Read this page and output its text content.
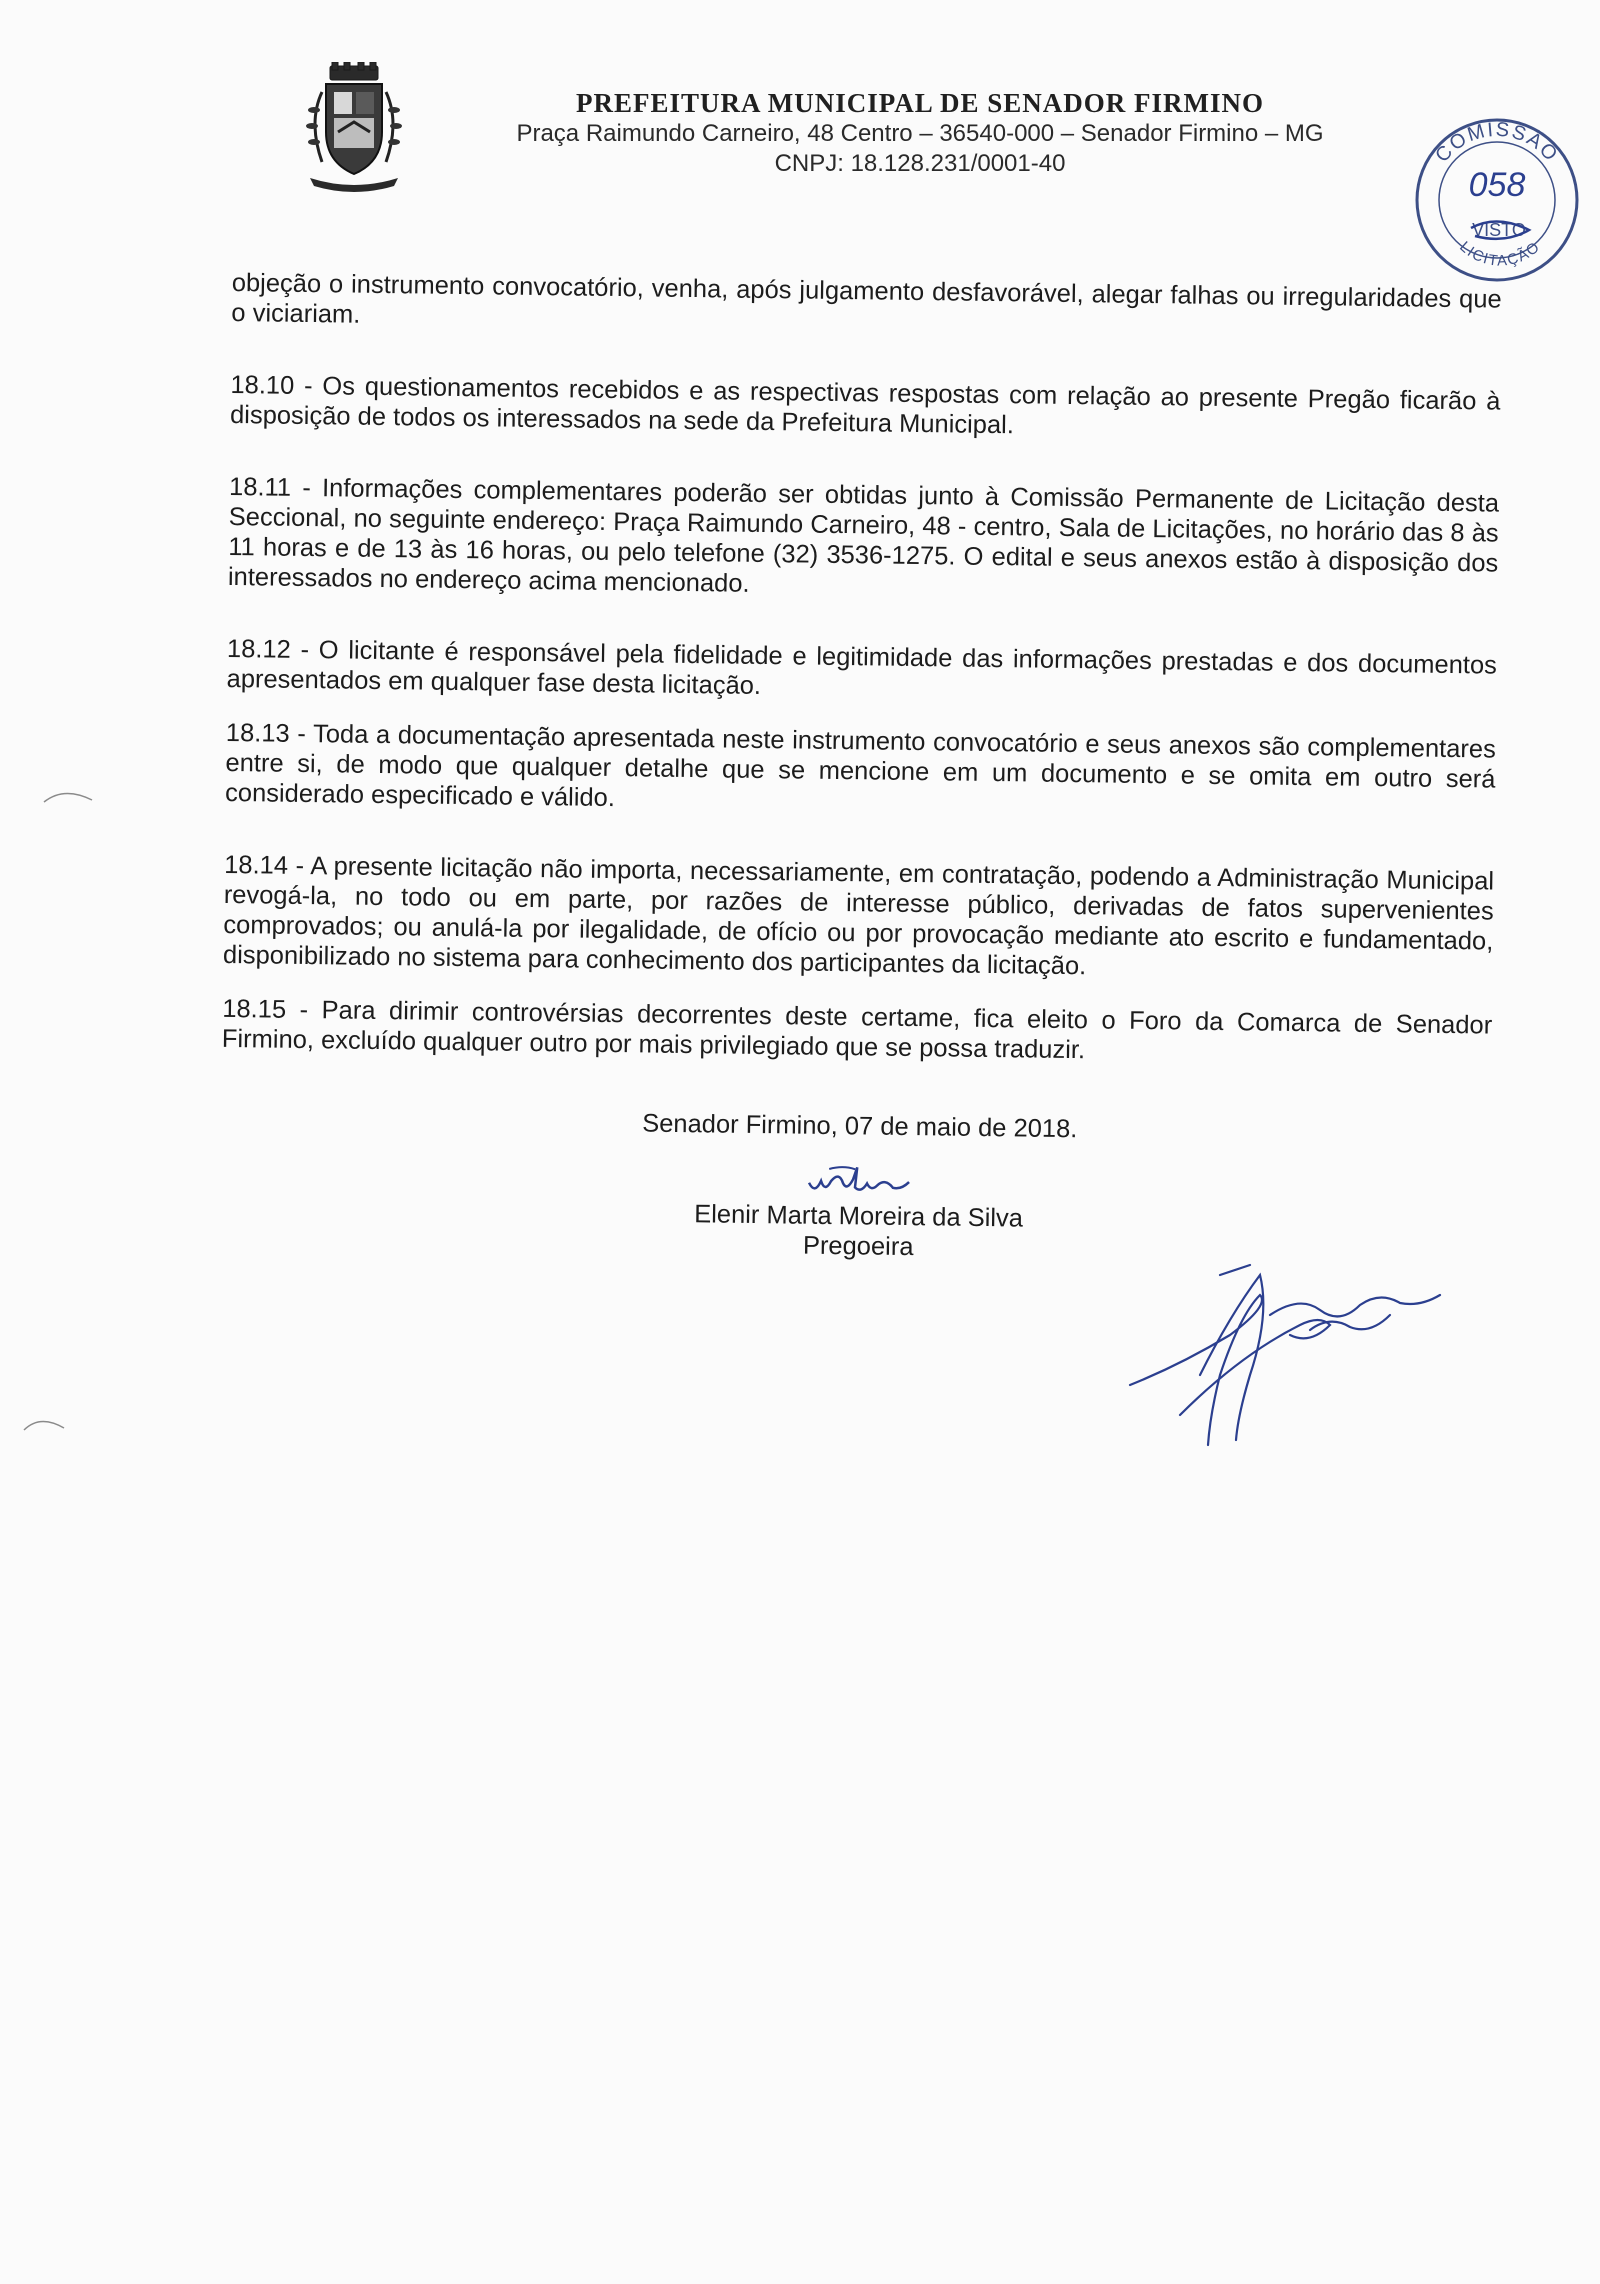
PREFEITURA MUNICIPAL DE SENADOR FIRMINO

Praça Raimundo Carneiro, 48 Centro – 36540-000 – Senador Firmino – MG

CNPJ: 18.128.231/0001-40	COMISSÃO
058
VISTO
LICITAÇÃO

objeção o instrumento convocatório, venha, após julgamento desfavorável, alegar falhas ou irregularidades que o viciariam.

18.10 - Os questionamentos recebidos e as respectivas respostas com relação ao presente Pregão ficarão à disposição de todos os interessados na sede da Prefeitura Municipal.

18.11 - Informações complementares poderão ser obtidas junto à Comissão Permanente de Licitação desta Seccional, no seguinte endereço: Praça Raimundo Carneiro, 48 - centro, Sala de Licitações, no horário das 8 às 11 horas e de 13 às 16 horas, ou pelo telefone (32) 3536-1275. O edital e seus anexos estão à disposição dos interessados no endereço acima mencionado.

18.12 - O licitante é responsável pela fidelidade e legitimidade das informações prestadas e dos documentos apresentados em qualquer fase desta licitação.

18.13 - Toda a documentação apresentada neste instrumento convocatório e seus anexos são complementares entre si, de modo que qualquer detalhe que se mencione em um documento e se omita em outro será considerado especificado e válido.

18.14 - A presente licitação não importa, necessariamente, em contratação, podendo a Administração Municipal revogá-la, no todo ou em parte, por razões de interesse público, derivadas de fatos supervenientes comprovados; ou anulá-la por ilegalidade, de ofício ou por provocação mediante ato escrito e fundamentado, disponibilizado no sistema para conhecimento dos participantes da licitação.

18.15 - Para dirimir controvérsias decorrentes deste certame, fica eleito o Foro da Comarca de Senador Firmino, excluído qualquer outro por mais privilegiado que se possa traduzir.

Senador Firmino, 07 de maio de 2018.

Elenir Marta Moreira da Silva

Pregoeira
